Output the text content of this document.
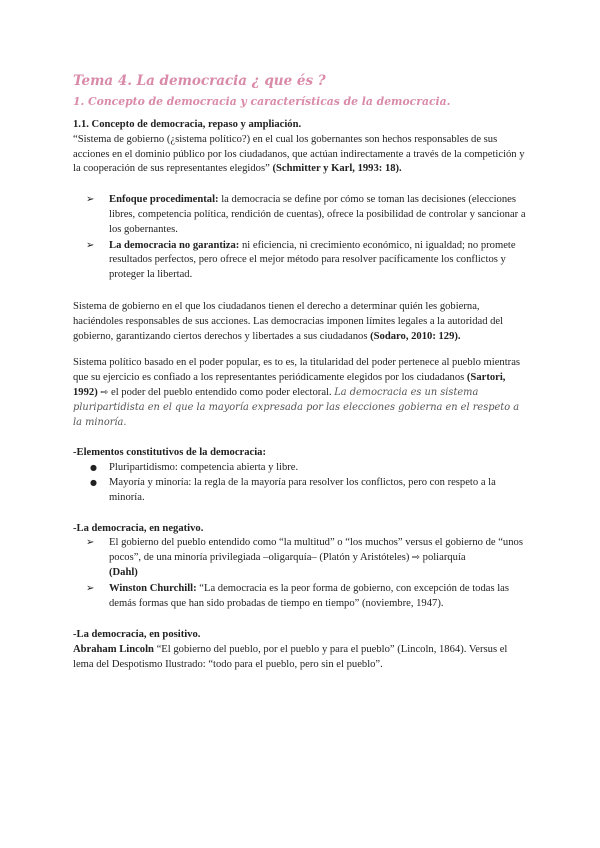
Tema 4. La democracia ¿ que és ?
1. Concepto de democracia y características de la democracia.

1.1. Concepto de democracia, repaso y ampliación.

“Sistema de gobierno (¿sistema político?) en el cual los gobernantes son hechos responsables de sus acciones en el dominio público por los ciudadanos, que actúan indirectamente a través de la competición y la cooperación de sus representantes elegidos” (Schmitter y Karl, 1993: 18).

➢ Enfoque procedimental: la democracia se define por cómo se toman las decisiones (elecciones libres, competencia política, rendición de cuentas), ofrece la posibilidad de controlar y sancionar a los gobernantes.
➢ La democracia no garantiza: ni eficiencia, ni crecimiento económico, ni igualdad; no promete resultados perfectos, pero ofrece el mejor método para resolver pacíficamente los conflictos y proteger la libertad.

Sistema de gobierno en el que los ciudadanos tienen el derecho a determinar quién les gobierna, haciéndoles responsables de sus acciones. Las democracias imponen límites legales a la autoridad del gobierno, garantizando ciertos derechos y libertades a sus ciudadanos (Sodaro, 2010: 129).

Sistema político basado en el poder popular, es to es, la titularidad del poder pertenece al pueblo mientras que su ejercicio es confiado a los representantes periódicamente elegidos por los ciudadanos (Sartori, 1992) ⇨ el poder del pueblo entendido como poder electoral. La democracia es un sistema pluripartidista en el que la mayoría expresada por las elecciones gobierna en el respeto a la minoría.

-Elementos constitutivos de la democracia:

● Pluripartidismo: competencia abierta y libre.
● Mayoría y minoría: la regla de la mayoría para resolver los conflictos, pero con respeto a la minoría.

-La democracia, en negativo.

➢ El gobierno del pueblo entendido como “la multitud” o “los muchos” versus el gobierno de “unos pocos”, de una minoría privilegiada –oligarquía– (Platón y Aristóteles) ⇨ poliarquía
(Dahl)
➢ Winston Churchill: “La democracia es la peor forma de gobierno, con excepción de todas las demás formas que han sido probadas de tiempo en tiempo” (noviembre, 1947).

-La democracia, en positivo.

Abraham Lincoln “El gobierno del pueblo, por el pueblo y para el pueblo” (Lincoln, 1864). Versus el lema del Despotismo Ilustrado: “todo para el pueblo, pero sin el pueblo”.
